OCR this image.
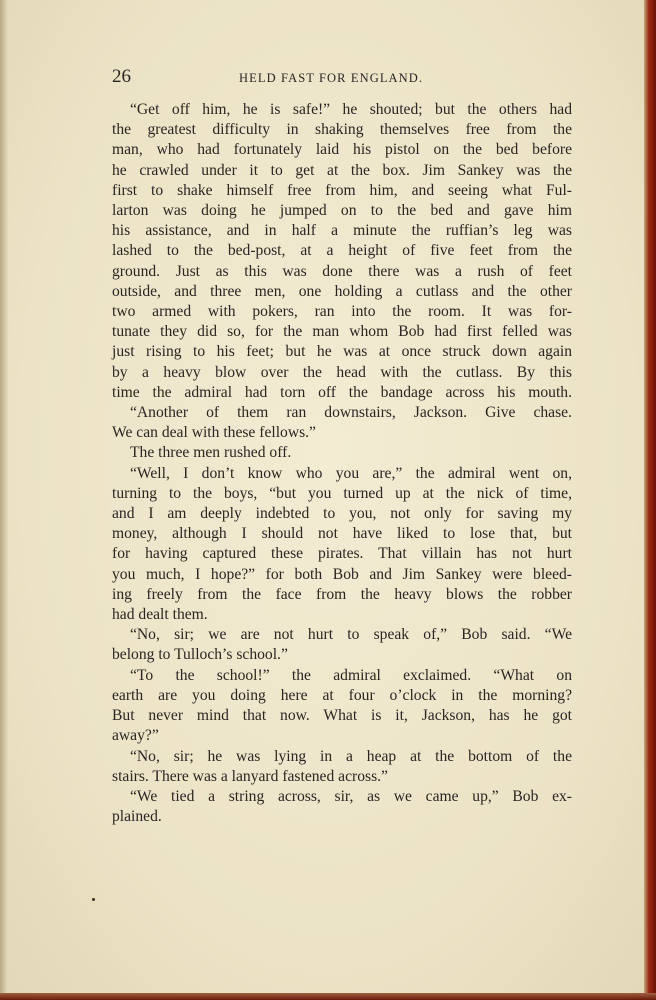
26	HELD FAST FOR ENGLAND.
“Get off him, he is safe!” he shouted; but the others had
the greatest difficulty in shaking themselves free from the
man, who had fortunately laid his pistol on the bed before
he crawled under it to get at the box. Jim Sankey was the
first to shake himself free from him, and seeing what Ful-
larton was doing he jumped on to the bed and gave him
his assistance, and in half a minute the ruffian’s leg was
lashed to the bed-post, at a height of five feet from the
ground. Just as this was done there was a rush of feet
outside, and three men, one holding a cutlass and the other
two armed with pokers, ran into the room. It was for-
tunate they did so, for the man whom Bob had first felled was
just rising to his feet; but he was at once struck down again
by a heavy blow over the head with the cutlass. By this
time the admiral had torn off the bandage across his mouth.
“Another of them ran downstairs, Jackson. Give chase.
We can deal with these fellows.”
The three men rushed off.
“Well, I don’t know who you are,” the admiral went on,
turning to the boys, “but you turned up at the nick of time,
and I am deeply indebted to you, not only for saving my
money, although I should not have liked to lose that, but
for having captured these pirates. That villain has not hurt
you much, I hope?” for both Bob and Jim Sankey were bleed-
ing freely from the face from the heavy blows the robber
had dealt them.
“No, sir; we are not hurt to speak of,” Bob said. “We
belong to Tulloch’s school.”
“To the school!” the admiral exclaimed. “What on
earth are you doing here at four o’clock in the morning?
But never mind that now. What is it, Jackson, has he got
away?”
“No, sir; he was lying in a heap at the bottom of the
stairs. There was a lanyard fastened across.”
“We tied a string across, sir, as we came up,” Bob ex-
plained.
